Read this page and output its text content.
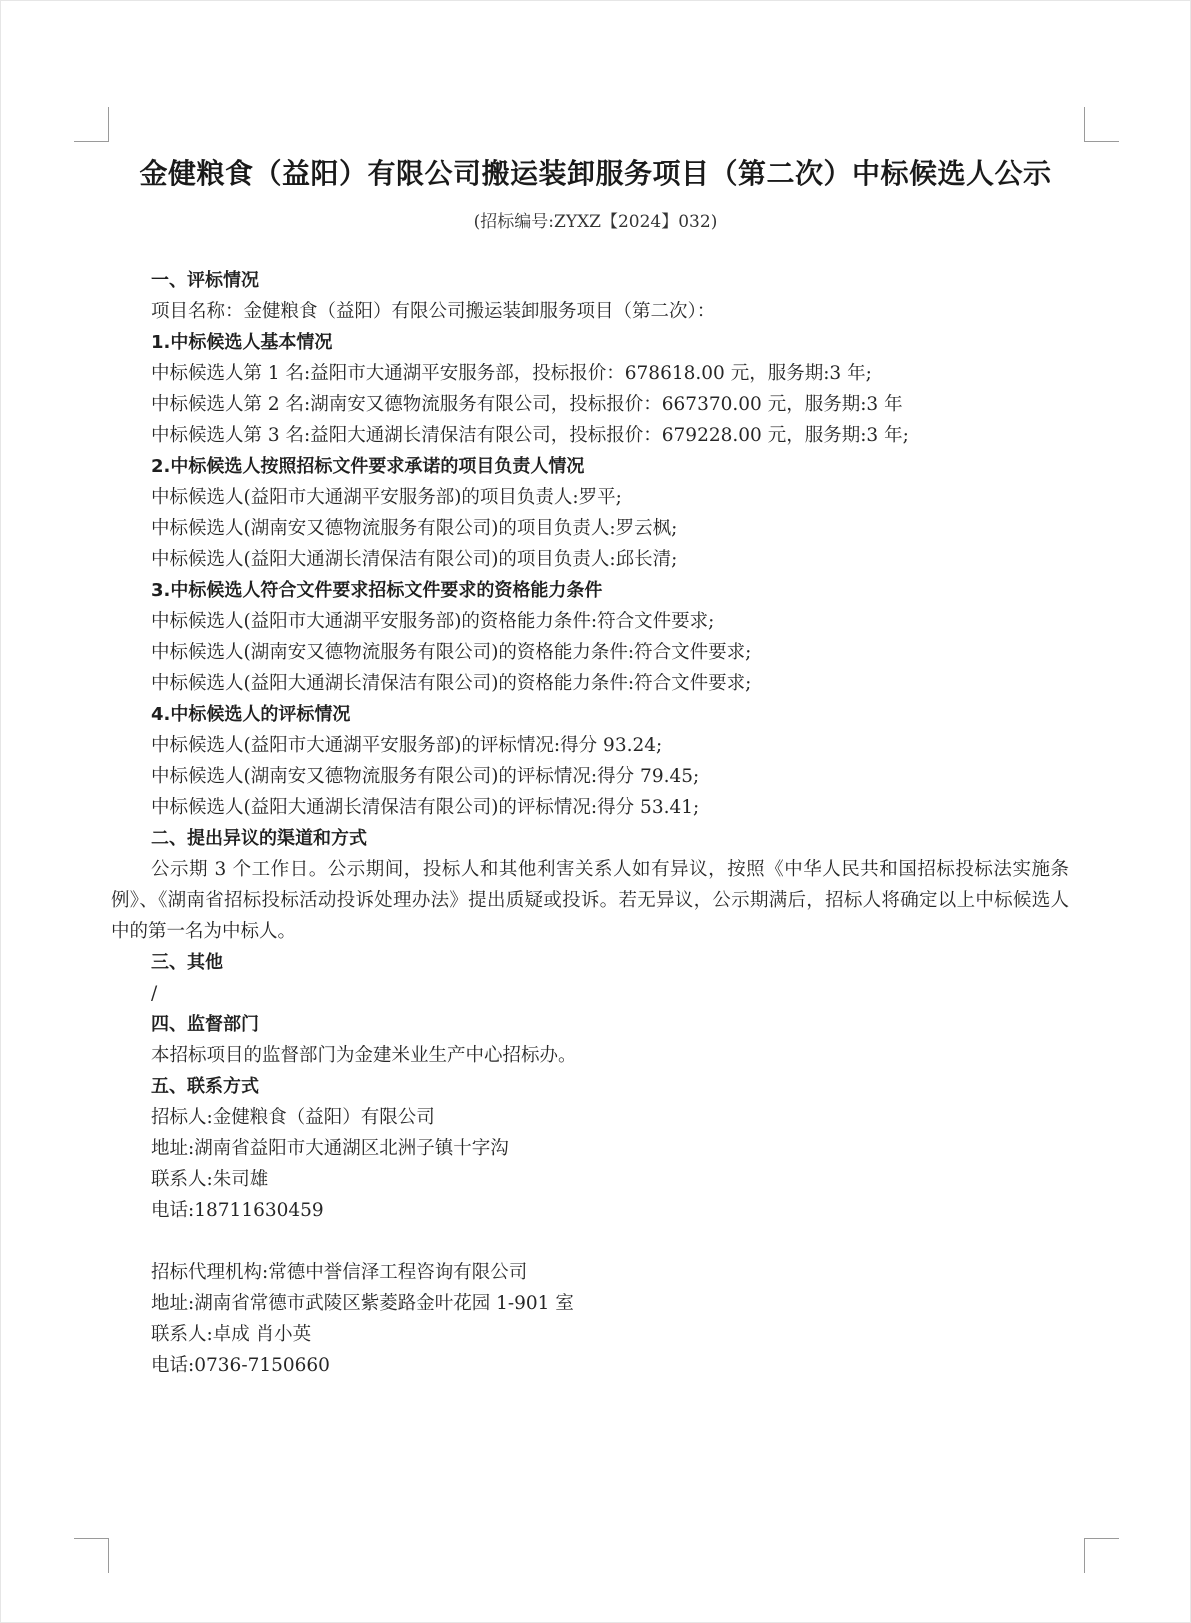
金健粮食（益阳）有限公司搬运装卸服务项目（第二次）中标候选人公示
(招标编号:ZYXZ【2024】032)
一、评标情况
项目名称：金健粮食（益阳）有限公司搬运装卸服务项目（第二次）：
1.中标候选人基本情况
中标候选人第 1 名:益阳市大通湖平安服务部，投标报价：678618.00 元，服务期:3 年;
中标候选人第 2 名:湖南安又德物流服务有限公司，投标报价：667370.00 元，服务期:3 年
中标候选人第 3 名:益阳大通湖长清保洁有限公司，投标报价：679228.00 元，服务期:3 年;
2.中标候选人按照招标文件要求承诺的项目负责人情况
中标候选人(益阳市大通湖平安服务部)的项目负责人:罗平;
中标候选人(湖南安又德物流服务有限公司)的项目负责人:罗云枫;
中标候选人(益阳大通湖长清保洁有限公司)的项目负责人:邱长清;
3.中标候选人符合文件要求招标文件要求的资格能力条件
中标候选人(益阳市大通湖平安服务部)的资格能力条件:符合文件要求;
中标候选人(湖南安又德物流服务有限公司)的资格能力条件:符合文件要求;
中标候选人(益阳大通湖长清保洁有限公司)的资格能力条件:符合文件要求;
4.中标候选人的评标情况
中标候选人(益阳市大通湖平安服务部)的评标情况:得分 93.24;
中标候选人(湖南安又德物流服务有限公司)的评标情况:得分 79.45;
中标候选人(益阳大通湖长清保洁有限公司)的评标情况:得分 53.41;
二、提出异议的渠道和方式
公示期 3 个工作日。公示期间，投标人和其他利害关系人如有异议，按照《中华人民共和国招标投标法实施条例》、《湖南省招标投标活动投诉处理办法》提出质疑或投诉。若无异议，公示期满后，招标人将确定以上中标候选人中的第一名为中标人。
三、其他
/
四、监督部门
本招标项目的监督部门为金建米业生产中心招标办。
五、联系方式
招标人:金健粮食（益阳）有限公司
地址:湖南省益阳市大通湖区北洲子镇十字沟
联系人:朱司雄
电话:18711630459
招标代理机构:常德中誉信泽工程咨询有限公司
地址:湖南省常德市武陵区紫菱路金叶花园 1-901 室
联系人:卓成 肖小英
电话:0736-7150660
